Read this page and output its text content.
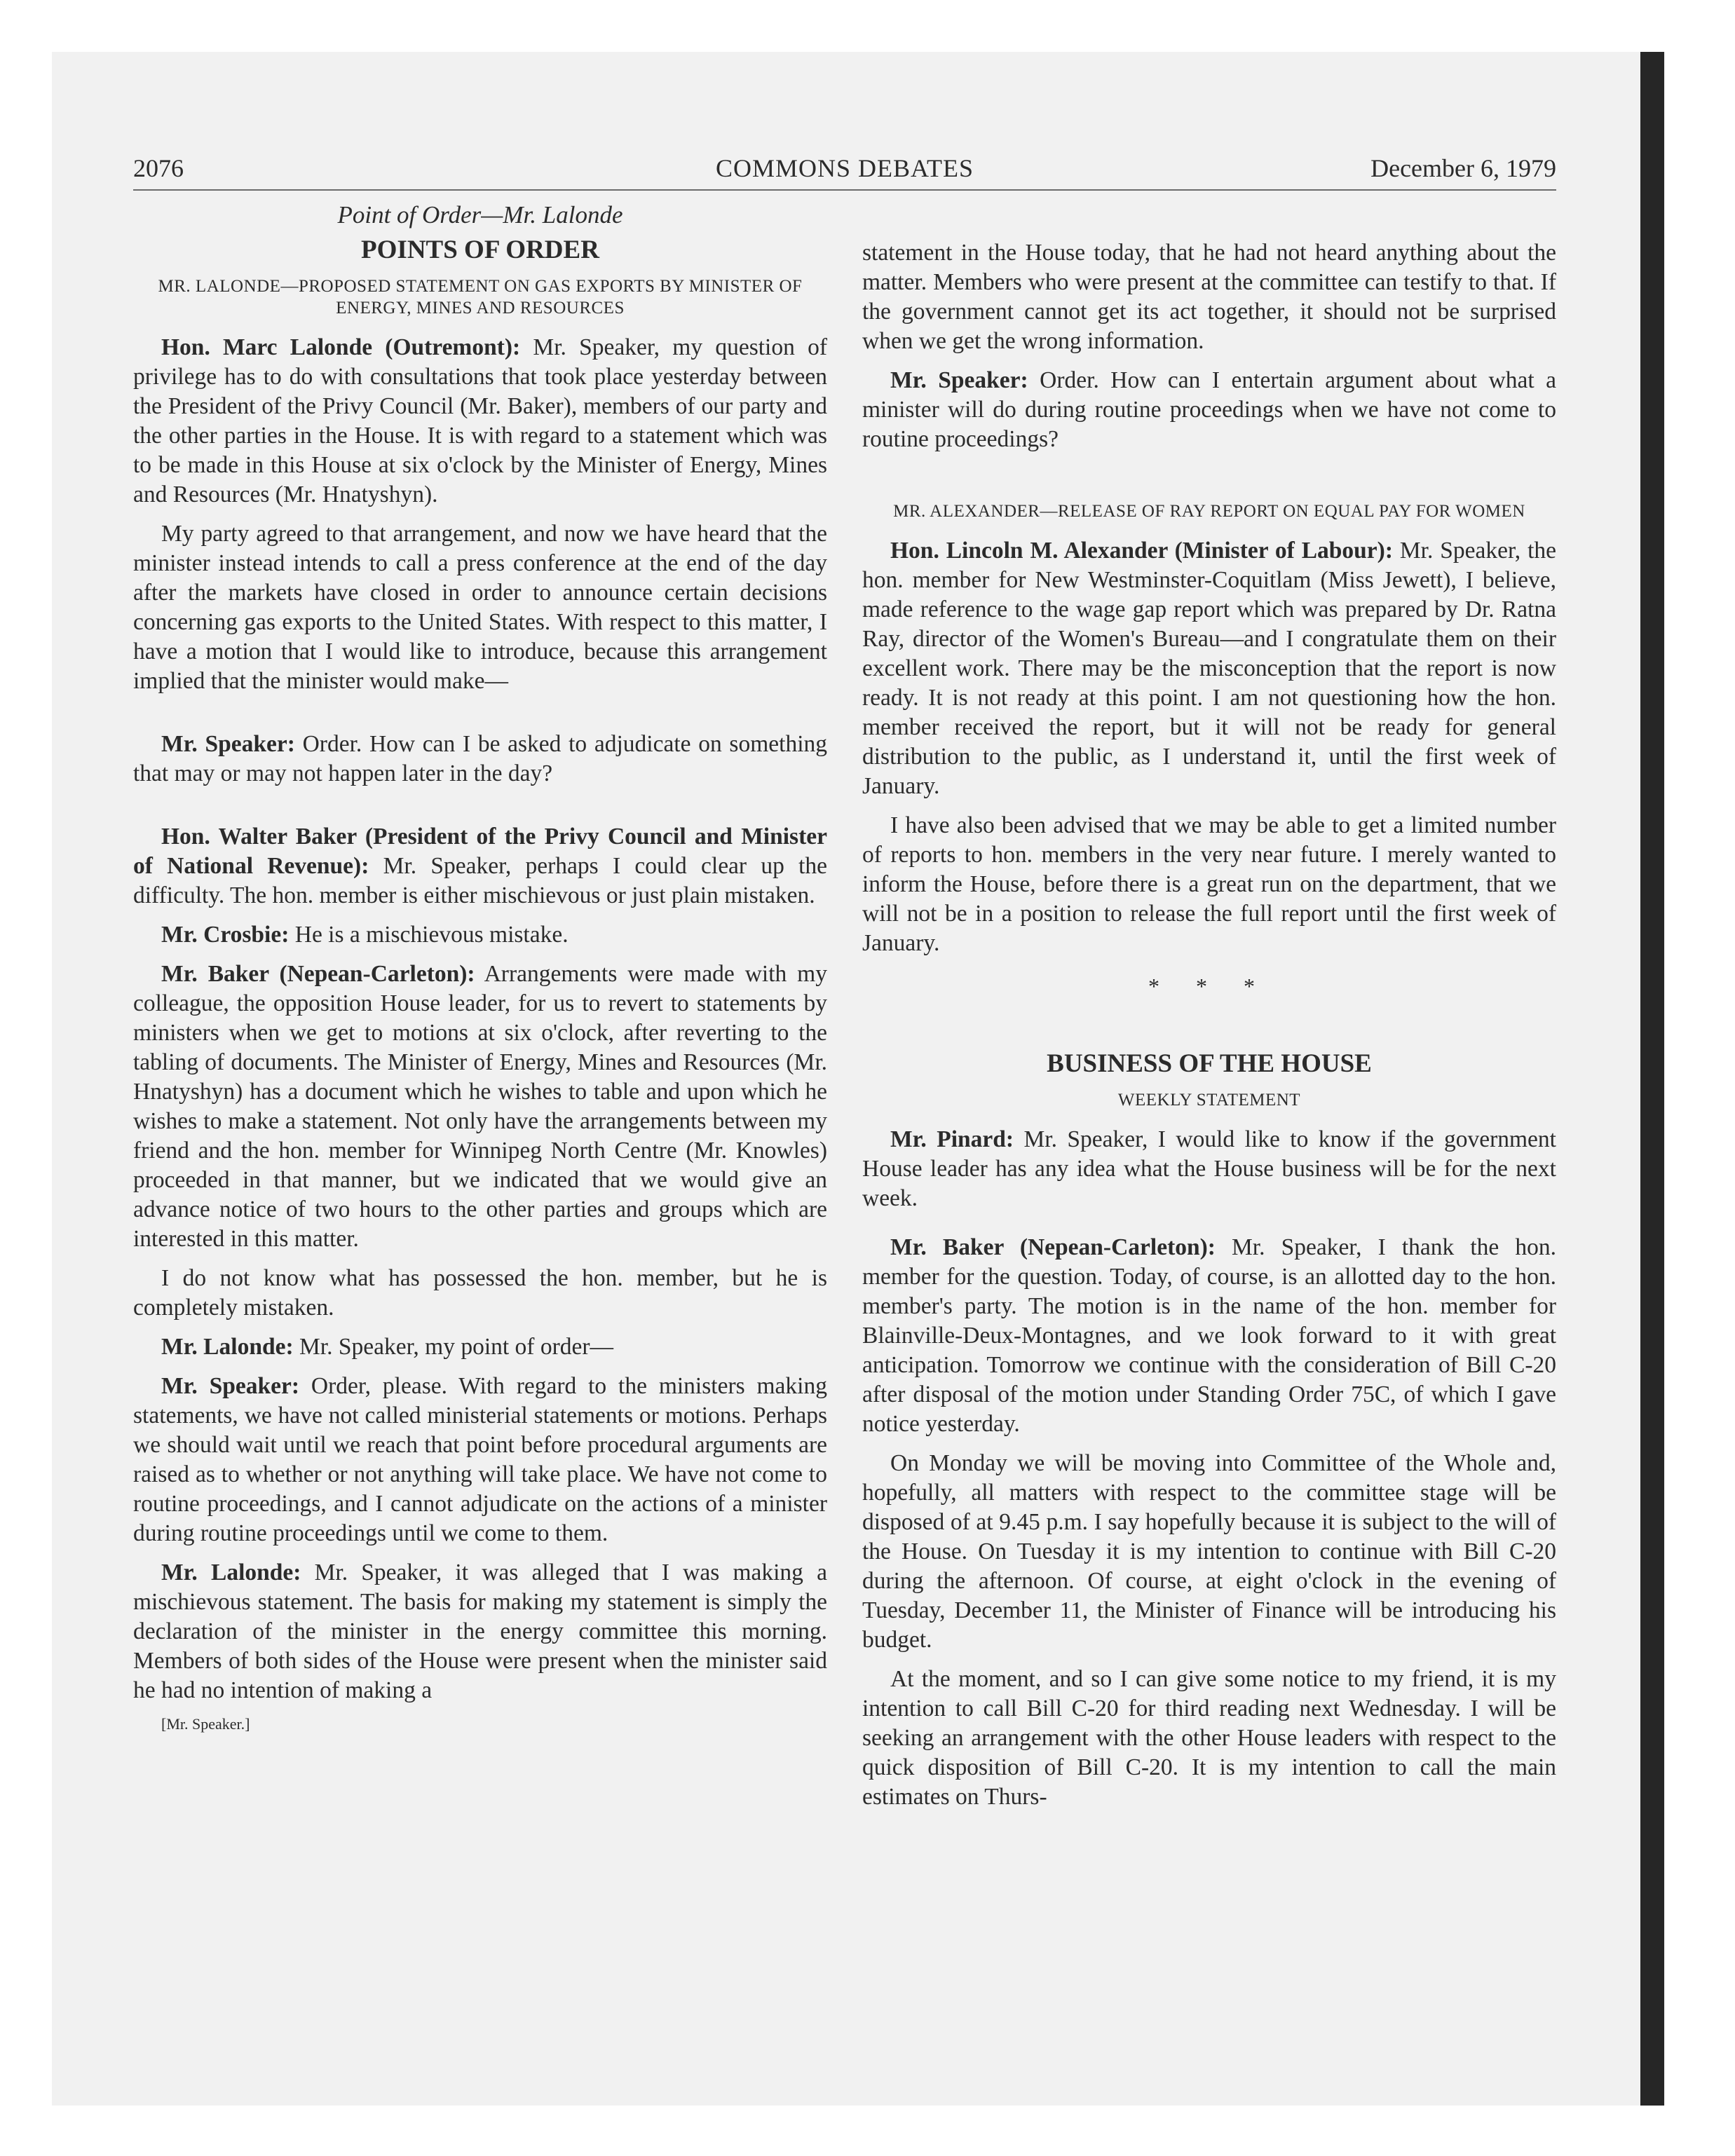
2076	COMMONS DEBATES	December 6, 1979
Point of Order—Mr. Lalonde
POINTS OF ORDER
MR. LALONDE—PROPOSED STATEMENT ON GAS EXPORTS BY MINISTER OF ENERGY, MINES AND RESOURCES

Hon. Marc Lalonde (Outremont): Mr. Speaker, my question of privilege has to do with consultations that took place yesterday between the President of the Privy Council (Mr. Baker), members of our party and the other parties in the House. It is with regard to a statement which was to be made in this House at six o'clock by the Minister of Energy, Mines and Resources (Mr. Hnatyshyn).

My party agreed to that arrangement, and now we have heard that the minister instead intends to call a press conference at the end of the day after the markets have closed in order to announce certain decisions concerning gas exports to the United States. With respect to this matter, I have a motion that I would like to introduce, because this arrangement implied that the minister would make—

Mr. Speaker: Order. How can I be asked to adjudicate on something that may or may not happen later in the day?

Hon. Walter Baker (President of the Privy Council and Minister of National Revenue): Mr. Speaker, perhaps I could clear up the difficulty. The hon. member is either mischievous or just plain mistaken.

Mr. Crosbie: He is a mischievous mistake.

Mr. Baker (Nepean-Carleton): Arrangements were made with my colleague, the opposition House leader, for us to revert to statements by ministers when we get to motions at six o'clock, after reverting to the tabling of documents. The Minister of Energy, Mines and Resources (Mr. Hnatyshyn) has a document which he wishes to table and upon which he wishes to make a statement. Not only have the arrangements between my friend and the hon. member for Winnipeg North Centre (Mr. Knowles) proceeded in that manner, but we indicated that we would give an advance notice of two hours to the other parties and groups which are interested in this matter.

I do not know what has possessed the hon. member, but he is completely mistaken.

Mr. Lalonde: Mr. Speaker, my point of order—

Mr. Speaker: Order, please. With regard to the ministers making statements, we have not called ministerial statements or motions. Perhaps we should wait until we reach that point before procedural arguments are raised as to whether or not anything will take place. We have not come to routine proceedings, and I cannot adjudicate on the actions of a minister during routine proceedings until we come to them.

Mr. Lalonde: Mr. Speaker, it was alleged that I was making a mischievous statement. The basis for making my statement is simply the declaration of the minister in the energy committee this morning. Members of both sides of the House were present when the minister said he had no intention of making a

[Mr. Speaker.]

statement in the House today, that he had not heard anything about the matter. Members who were present at the committee can testify to that. If the government cannot get its act together, it should not be surprised when we get the wrong information.

Mr. Speaker: Order. How can I entertain argument about what a minister will do during routine proceedings when we have not come to routine proceedings?

MR. ALEXANDER—RELEASE OF RAY REPORT ON EQUAL PAY FOR WOMEN

Hon. Lincoln M. Alexander (Minister of Labour): Mr. Speaker, the hon. member for New Westminster-Coquitlam (Miss Jewett), I believe, made reference to the wage gap report which was prepared by Dr. Ratna Ray, director of the Women's Bureau—and I congratulate them on their excellent work. There may be the misconception that the report is now ready. It is not ready at this point. I am not questioning how the hon. member received the report, but it will not be ready for general distribution to the public, as I understand it, until the first week of January.

I have also been advised that we may be able to get a limited number of reports to hon. members in the very near future. I merely wanted to inform the House, before there is a great run on the department, that we will not be in a position to release the full report until the first week of January.

* * *
BUSINESS OF THE HOUSE
WEEKLY STATEMENT

Mr. Pinard: Mr. Speaker, I would like to know if the government House leader has any idea what the House business will be for the next week.

Mr. Baker (Nepean-Carleton): Mr. Speaker, I thank the hon. member for the question. Today, of course, is an allotted day to the hon. member's party. The motion is in the name of the hon. member for Blainville-Deux-Montagnes, and we look forward to it with great anticipation. Tomorrow we continue with the consideration of Bill C-20 after disposal of the motion under Standing Order 75C, of which I gave notice yesterday.

On Monday we will be moving into Committee of the Whole and, hopefully, all matters with respect to the committee stage will be disposed of at 9.45 p.m. I say hopefully because it is subject to the will of the House. On Tuesday it is my intention to continue with Bill C-20 during the afternoon. Of course, at eight o'clock in the evening of Tuesday, December 11, the Minister of Finance will be introducing his budget.

At the moment, and so I can give some notice to my friend, it is my intention to call Bill C-20 for third reading next Wednesday. I will be seeking an arrangement with the other House leaders with respect to the quick disposition of Bill C-20. It is my intention to call the main estimates on Thurs-
